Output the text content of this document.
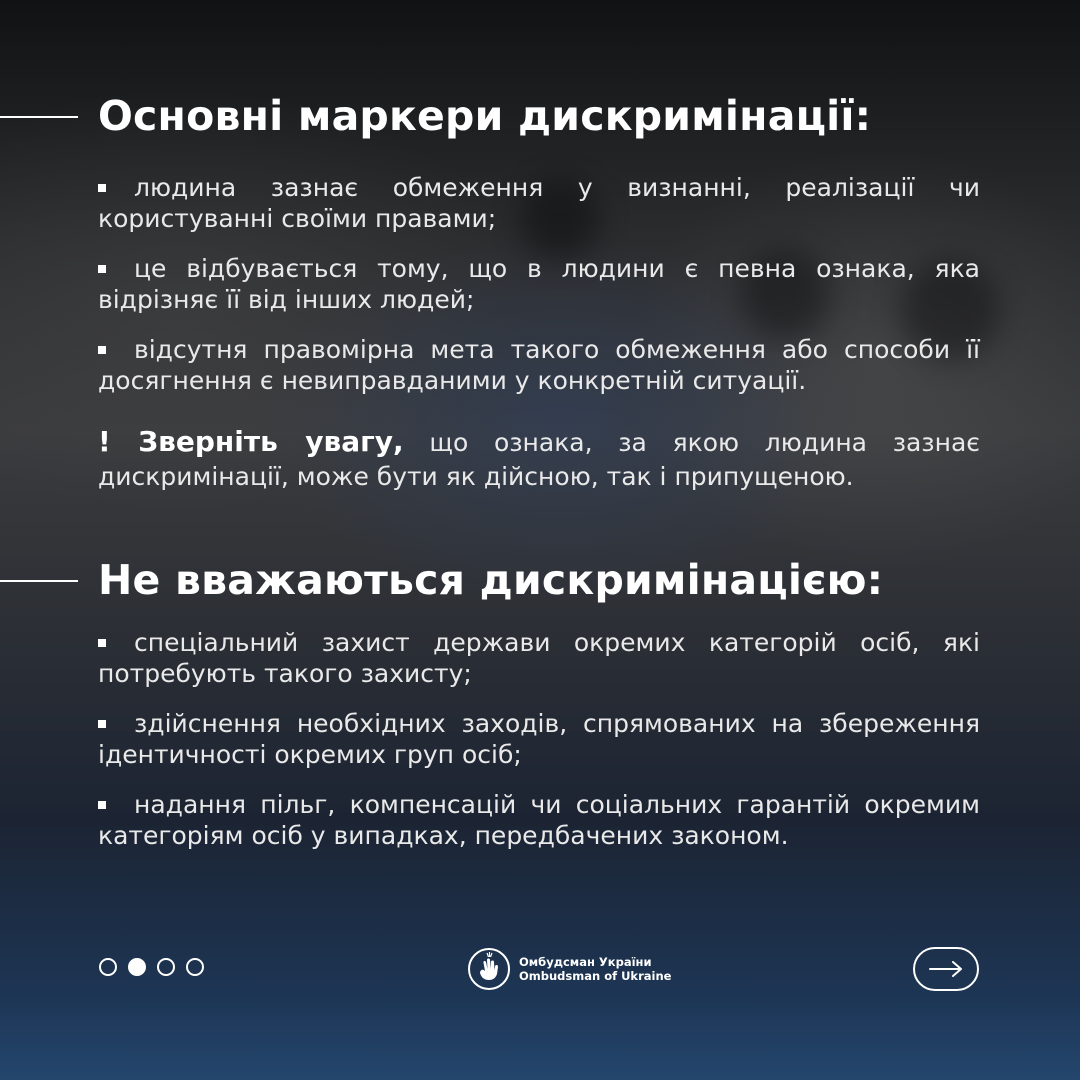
Основні маркери дискримінації:
людина зазнає обмеження у визнанні, реалізації чи користуванні своїми правами;
це відбувається тому, що в людини є певна ознака, яка відрізняє її від інших людей;
відсутня правомірна мета такого обмеження або способи її досягнення є невиправданими у конкретній ситуації.

! Зверніть увагу, що ознака, за якою людина зазнає дискримінації, може бути як дійсною, так і припущеною.

Не вважаються дискримінацією:
спеціальний захист держави окремих категорій осіб, які потребують такого захисту;
здійснення необхідних заходів, спрямованих на збереження ідентичності окремих груп осіб;
надання пільг, компенсацій чи соціальних гарантій окремим категоріям осіб у випадках, передбачених законом.
Омбудсман України
Ombudsman of Ukraine
